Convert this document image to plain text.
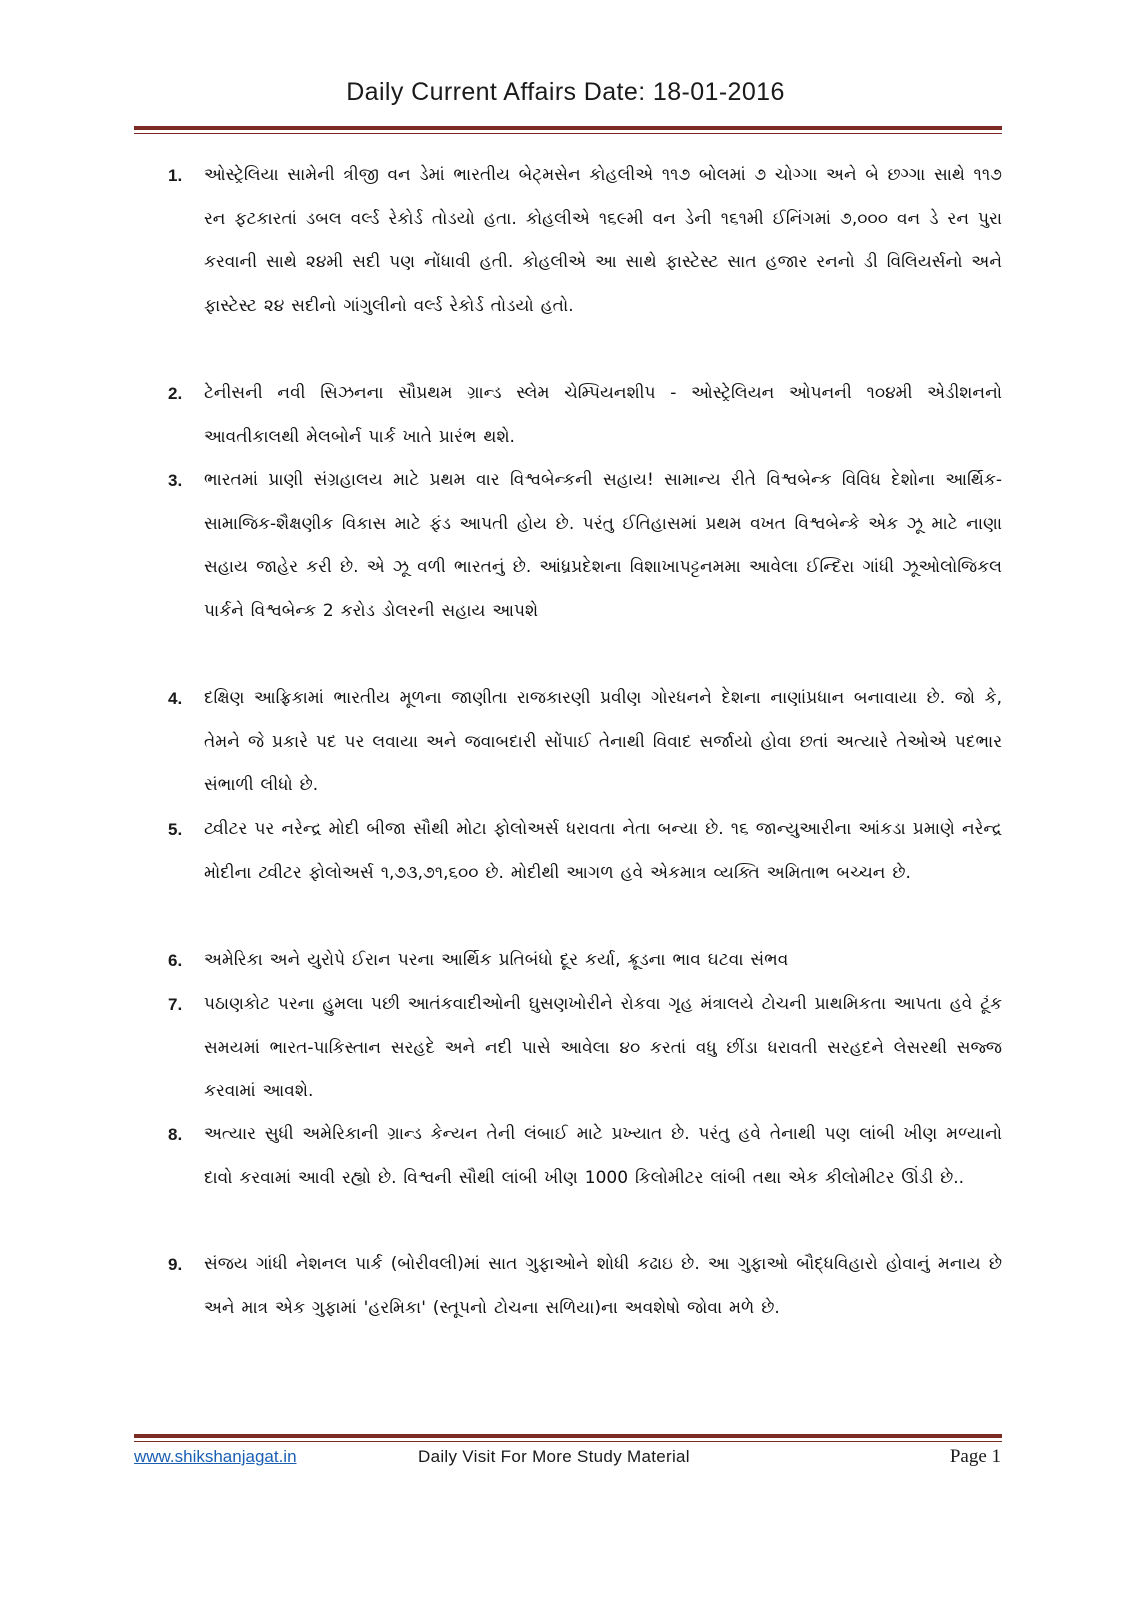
Daily Current Affairs Date: 18-01-2016
1. ઓસ્ટ્રેલિયા સામેની ત્રીજી વન ડેમાં ભારતીય બેટ્મસેન કોહલીએ ૧૧૭ બોલમાં ૭ ચોગ્ગા અને બે છગ્ગા સાથે ૧૧૭ રન ફટકારતાં ડબલ વર્લ્ડ રેકોર્ડ તોડયો હતા. કોહલીએ ૧૬૯મી વન ડેની ૧૬૧મી ઈનિંગમાં ૭,૦૦૦ વન ડે રન પુરા કરવાની સાથે ૨૪મી સદી પણ નોંધાવી હતી. કોહલીએ આ સાથે ફાસ્ટેસ્ટ સાત હજાર રનનો ડી વિલિયર્સનો અને ફાસ્ટેસ્ટ ૨૪ સદીનો ગાંગુલીનો વર્લ્ડ રેકોર્ડ તોડયો હતો.
2. ટેનીસની નવી સિઝનના સૌપ્રથમ ગ્રાન્ડ સ્લેમ ચેમ્પિયનશીપ - ઓસ્ટ્રેલિયન ઓપનની ૧૦૪મી એડીશનનો આવતીકાલથી મેલબોર્ન પાર્ક ખાતે પ્રારંભ થશે.
3. ભારતમાં પ્રાણી સંગ્રહાલય માટે પ્રથમ વાર વિશ્વબેન્કની સહાય! સામાન્ય રીતે વિશ્વબેન્ક વિવિધ દેશોના આર્થિક-સામાજિક-શૈક્ષણીક વિકાસ માટે ફંડ આપતી હોય છે. પરંતુ ઈતિહાસમાં પ્રથમ વખત વિશ્વબેન્કે એક ઝૂ માટે નાણા સહાય જાહેર કરી છે. એ ઝૂ વળી ભારતનું છે. આંધ્રપ્રદેશના વિશાખાપટ્ટનમમા આવેલા ઈન્દિરા ગાંધી ઝૂઓલોજિકલ પાર્કને વિશ્વબેન્ક 2 કરોડ ડોલરની સહાય આપશે
4. દક્ષિણ આફ્રિકામાં ભારતીય મૂળના જાણીતા રાજકારણી પ્રવીણ ગોરધનને દેશના નાણાંપ્રધાન બનાવાયા છે. જો કે, તેમને જે પ્રકારે પદ પર લવાયા અને જવાબદારી સોંપાઈ તેનાથી વિવાદ સર્જાયો હોવા છતાં અત્યારે તેઓએ પદભાર સંભાળી લીધો છે.
5. ટ્વીટર પર નરેન્દ્ર મોદી બીજા સૌથી મોટા ફોલોઅર્સ ધરાવતા નેતા બન્યા છે. ૧૬ જાન્યુઆરીના આંકડા પ્રમાણે નરેન્દ્ર મોદીના ટ્વીટર ફોલોઅર્સ ૧,૭૩,૭૧,૬૦૦ છે. મોદીથી આગળ હવે એકમાત્ર વ્યક્તિ અમિતાભ બચ્ચન છે.
6. અમેરિકા અને યુરોપે ઈરાન પરના આર્થિક પ્રતિબંધો દૂર કર્યા, ક્રૂડના ભાવ ઘટવા સંભવ
7. પઠાણકોટ પરના હુમલા પછી આતંકવાદીઓની ઘુસણખોરીને રોકવા ગૃહ મંત્રાલયે ટોચની પ્રાથમિકતા આપતા હવે ટૂંક સમયમાં ભારત-પાકિસ્તાન સરહદે અને નદી પાસે આવેલા ૪૦ કરતાં વધુ છીંડા ધરાવતી સરહદને લેસરથી સજ્જ કરવામાં આવશે.
8. અત્યાર સુધી અમેરિકાની ગ્રાન્ડ કેન્યન તેની લંબાઈ માટે પ્રખ્યાત છે. પરંતુ હવે તેનાથી પણ લાંબી ખીણ મળ્યાનો દાવો કરવામાં આવી રહ્યો છે. વિશ્વની સૌથી લાંબી ખીણ 1000 કિલોમીટર લાંબી તથા એક કીલોમીટર ઊંડી છે..
9. સંજય ગાંધી નેશનલ પાર્ક (બોરીવલી)માં સાત ગુફાઓને શોધી કઢાઇ છે. આ ગુફાઓ બૌદ્ધવિહારો હોવાનું મનાય છે અને માત્ર એક ગુફામાં 'હરમિકા' (સ્તૂપનો ટોચના સળિયા)ના અવશેષો જોવા મળે છે.
www.shikshanjagat.in	Daily Visit For More Study Material	Page 1
